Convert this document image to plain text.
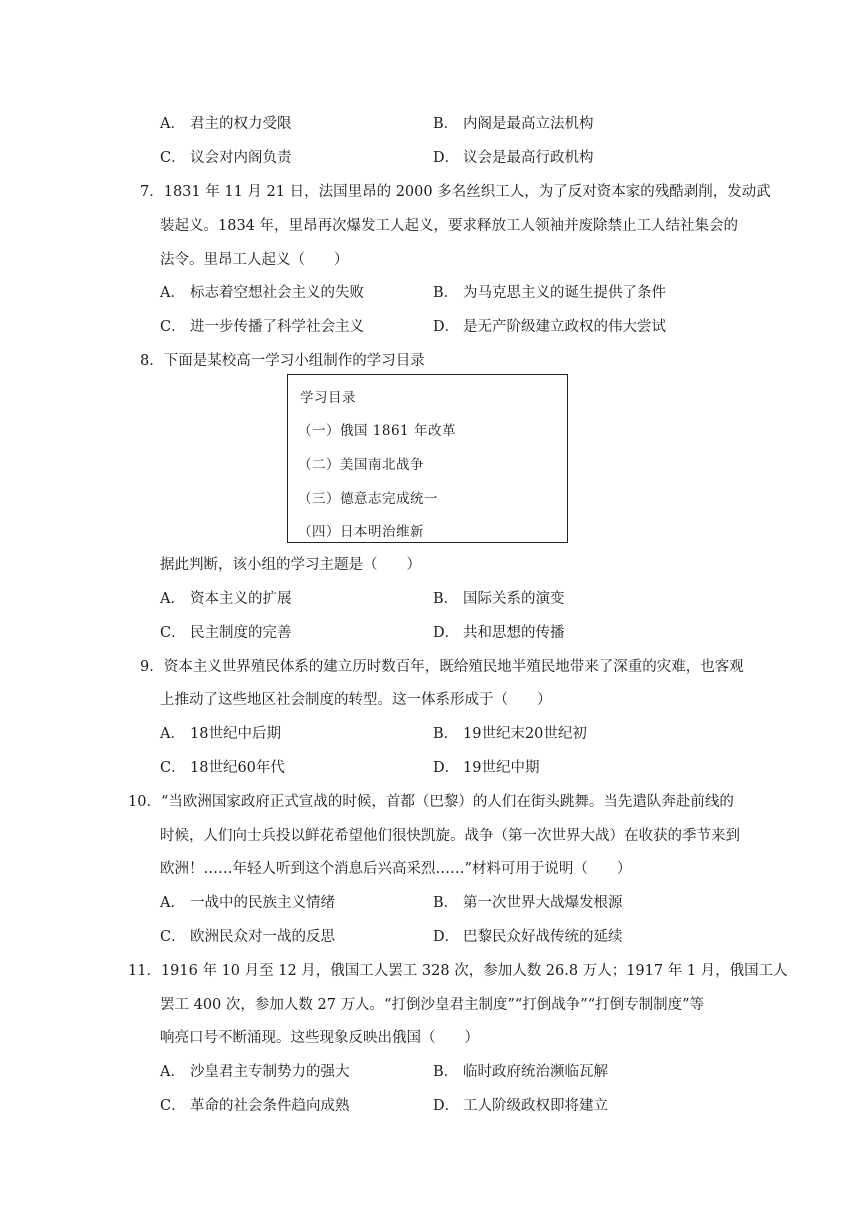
A． 君主的权力受限	B． 内阁是最高立法机构
C． 议会对内阁负责	D． 议会是最高行政机构
7．1831 年 11 月 21 日，法国里昂的 2000 多名丝织工人，为了反对资本家的残酷剥削，发动武
装起义。1834 年，里昂再次爆发工人起义，要求释放工人领袖并废除禁止工人结社集会的
法令。里昂工人起义（　　）
A． 标志着空想社会主义的失败	B． 为马克思主义的诞生提供了条件
C． 进一步传播了科学社会主义	D． 是无产阶级建立政权的伟大尝试
8．下面是某校高一学习小组制作的学习目录
学习目录
（一）俄国 1861 年改革
（二）美国南北战争
（三）德意志完成统一
（四）日本明治维新
据此判断，该小组的学习主题是（　　）
A． 资本主义的扩展	B． 国际关系的演变
C． 民主制度的完善	D． 共和思想的传播
9．资本主义世界殖民体系的建立历时数百年，既给殖民地半殖民地带来了深重的灾难，也客观
上推动了这些地区社会制度的转型。这一体系形成于（　　）
A． 18世纪中后期	B． 19世纪末20世纪初
C． 18世纪60年代	D． 19世纪中期
10．“当欧洲国家政府正式宣战的时候，首都（巴黎）的人们在街头跳舞。当先遣队奔赴前线的
时候，人们向士兵投以鲜花希望他们很快凯旋。战争（第一次世界大战）在收获的季节来到
欧洲！……年轻人听到这个消息后兴高采烈……”材料可用于说明（　　）
A． 一战中的民族主义情绪	B． 第一次世界大战爆发根源
C． 欧洲民众对一战的反思	D． 巴黎民众好战传统的延续
11．1916 年 10 月至 12 月，俄国工人罢工 328 次，参加人数 26.8 万人；1917 年 1 月，俄国工人
罢工 400 次，参加人数 27 万人。“打倒沙皇君主制度”“打倒战争”“打倒专制制度”等
响亮口号不断涌现。这些现象反映出俄国（　　）
A． 沙皇君主专制势力的强大	B． 临时政府统治濒临瓦解
C． 革命的社会条件趋向成熟	D． 工人阶级政权即将建立
